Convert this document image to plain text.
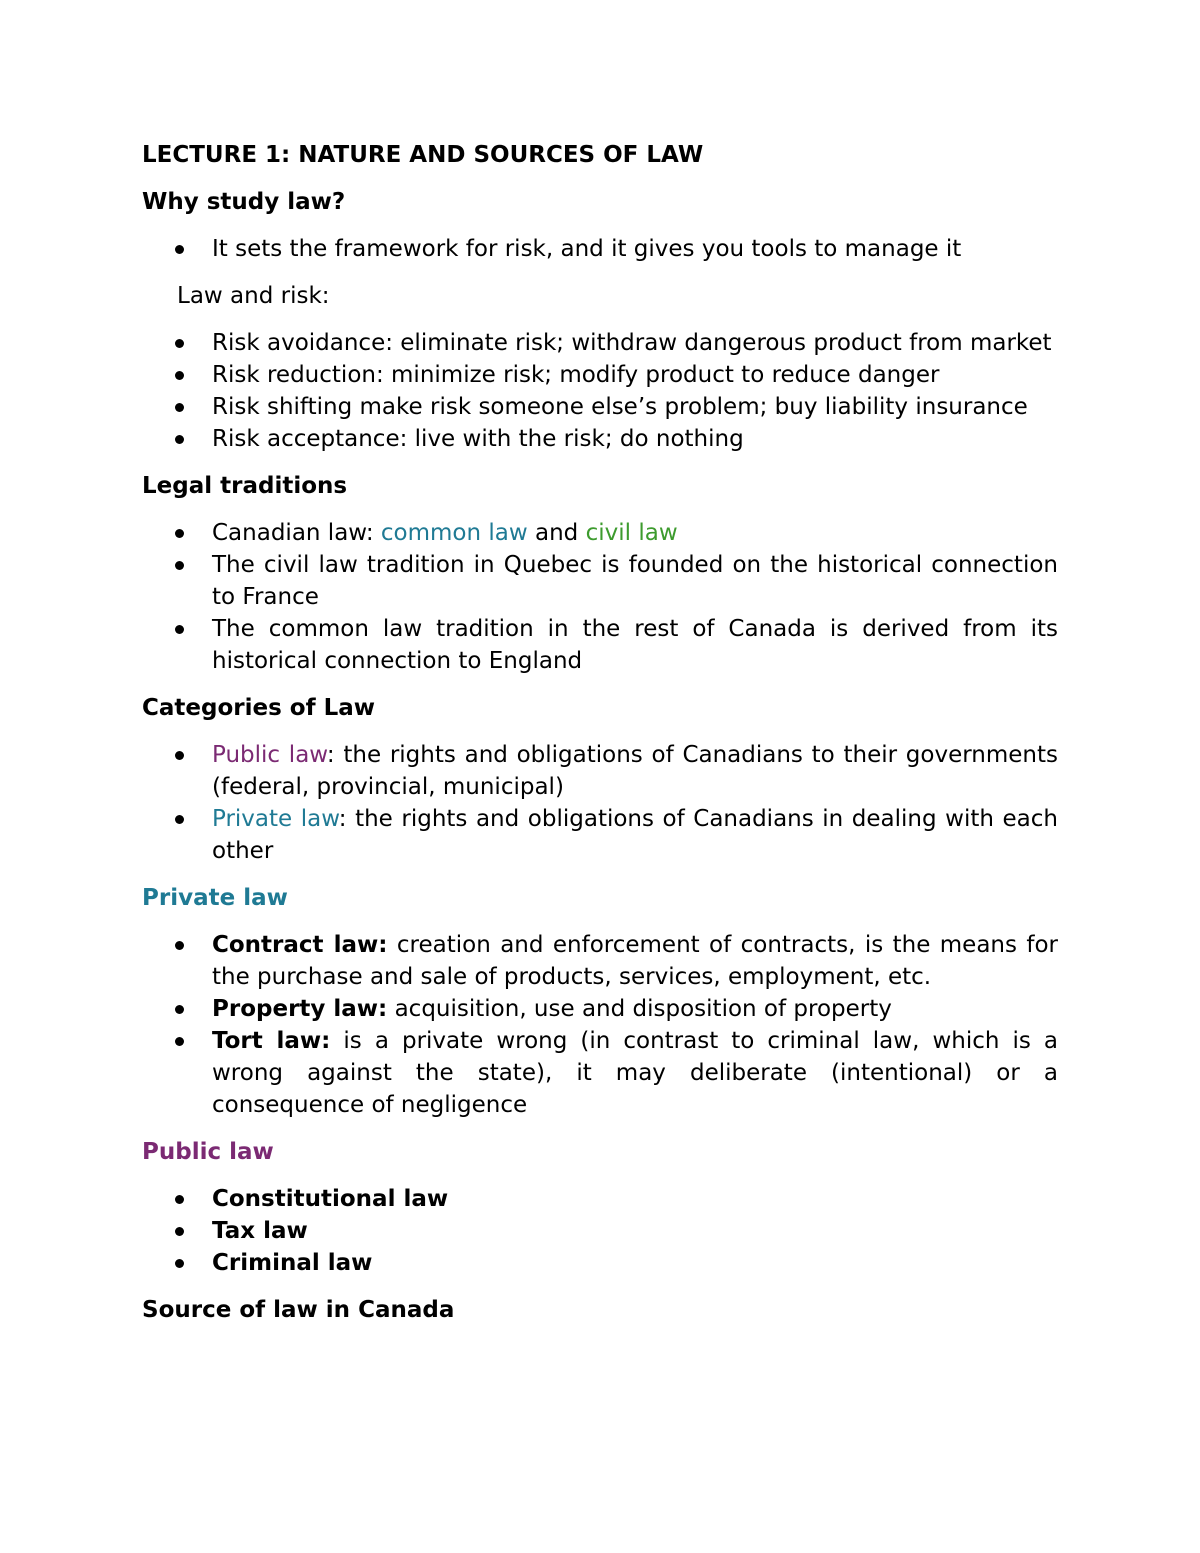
LECTURE 1: NATURE AND SOURCES OF LAW
Why study law?
It sets the framework for risk, and it gives you tools to manage it

Law and risk:

Risk avoidance: eliminate risk; withdraw dangerous product from market
Risk reduction: minimize risk; modify product to reduce danger
Risk shifting make risk someone else’s problem; buy liability insurance
Risk acceptance: live with the risk; do nothing
Legal traditions
Canadian law: common law and civil law
The civil law tradition in Quebec is founded on the historical connection to France
The common law tradition in the rest of Canada is derived from its historical connection to England
Categories of Law
Public law: the rights and obligations of Canadians to their governments (federal, provincial, municipal)
Private law: the rights and obligations of Canadians in dealing with each other
Private law
Contract law: creation and enforcement of contracts, is the means for the purchase and sale of products, services, employment, etc.
Property law: acquisition, use and disposition of property
Tort law: is a private wrong (in contrast to criminal law, which is a wrong against the state), it may deliberate (intentional) or a consequence of negligence
Public law
Constitutional law
Tax law
Criminal law
Source of law in Canada
